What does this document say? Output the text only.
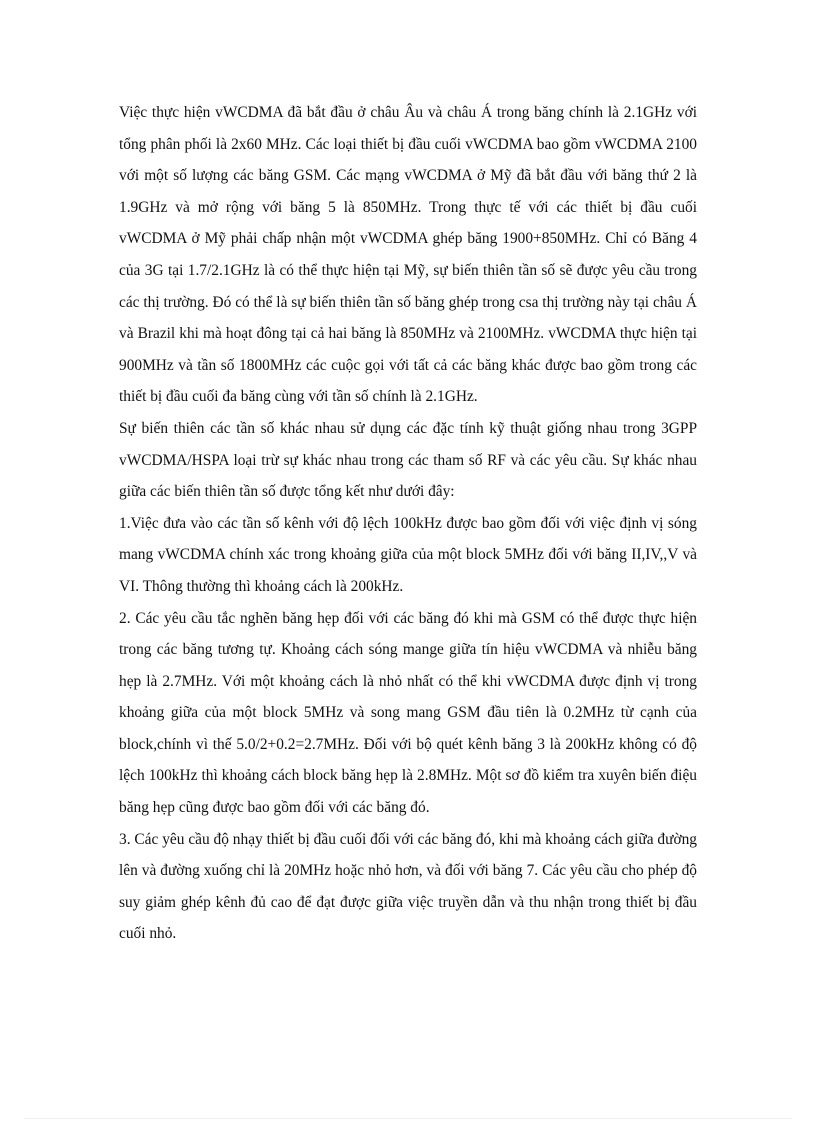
Việc thực hiện vWCDMA đã bắt đầu ở châu Âu và châu Á trong băng chính là 2.1GHz với tổng phân phối là 2x60 MHz. Các loại thiết bị đầu cuối vWCDMA bao gồm vWCDMA 2100 với một số lượng các băng GSM. Các mạng vWCDMA ở Mỹ đã bắt đầu với băng thứ 2 là 1.9GHz và mở rộng với băng 5 là 850MHz. Trong thực tế với các thiết bị đầu cuối vWCDMA ở Mỹ phải chấp nhận một vWCDMA ghép băng 1900+850MHz. Chỉ có Băng 4 của 3G tại 1.7/2.1GHz là có thể thực hiện tại Mỹ, sự biến thiên tần số sẽ được yêu cầu trong các thị trường. Đó có thể là sự biến thiên tần số băng ghép trong csa thị trường này tại châu Á và Brazil khi mà hoạt đông tại cả hai băng là 850MHz và 2100MHz. vWCDMA thực hiện tại 900MHz và tần số 1800MHz các cuộc gọi với tất cả các băng khác được bao gồm trong các thiết bị đầu cuối đa băng cùng với tần số chính là 2.1GHz.

Sự biến thiên các tần số khác nhau sử dụng các đặc tính kỹ thuật giống nhau trong 3GPP vWCDMA/HSPA loại trừ sự khác nhau trong các tham số RF và các yêu cầu. Sự khác nhau giữa các biến thiên tần số được tổng kết như dưới đây:

1.Việc đưa vào các tần số kênh với độ lệch 100kHz được bao gồm đối với việc định vị sóng mang vWCDMA chính xác trong khoảng giữa của một block 5MHz đối với băng II,IV,,V và VI. Thông thường thì khoảng cách là 200kHz.

2. Các yêu cầu tắc nghẽn băng hẹp đối với các băng đó khi mà GSM có thể được thực hiện trong các băng tương tự. Khoảng cách sóng mange giữa tín hiệu vWCDMA và nhiễu băng hẹp là 2.7MHz. Với một khoảng cách là nhỏ nhất có thể khi vWCDMA được định vị trong khoảng giữa của một block 5MHz và song mang GSM đầu tiên là 0.2MHz từ cạnh của block,chính vì thế 5.0/2+0.2=2.7MHz. Đối với bộ quét kênh băng 3 là 200kHz không có độ lệch 100kHz thì khoảng cách block băng hẹp là 2.8MHz. Một sơ đồ kiểm tra xuyên biến điệu băng hẹp cũng được bao gồm đối với các băng đó.

3. Các yêu cầu độ nhạy thiết bị đầu cuối đối với các băng đó, khi mà khoảng cách giữa đường lên và đường xuống chỉ là 20MHz hoặc nhỏ hơn, và đối với băng 7. Các yêu cầu cho phép độ suy giảm ghép kênh đủ cao để đạt được giữa việc truyền dẫn và thu nhận trong thiết bị đầu cuối nhỏ.
